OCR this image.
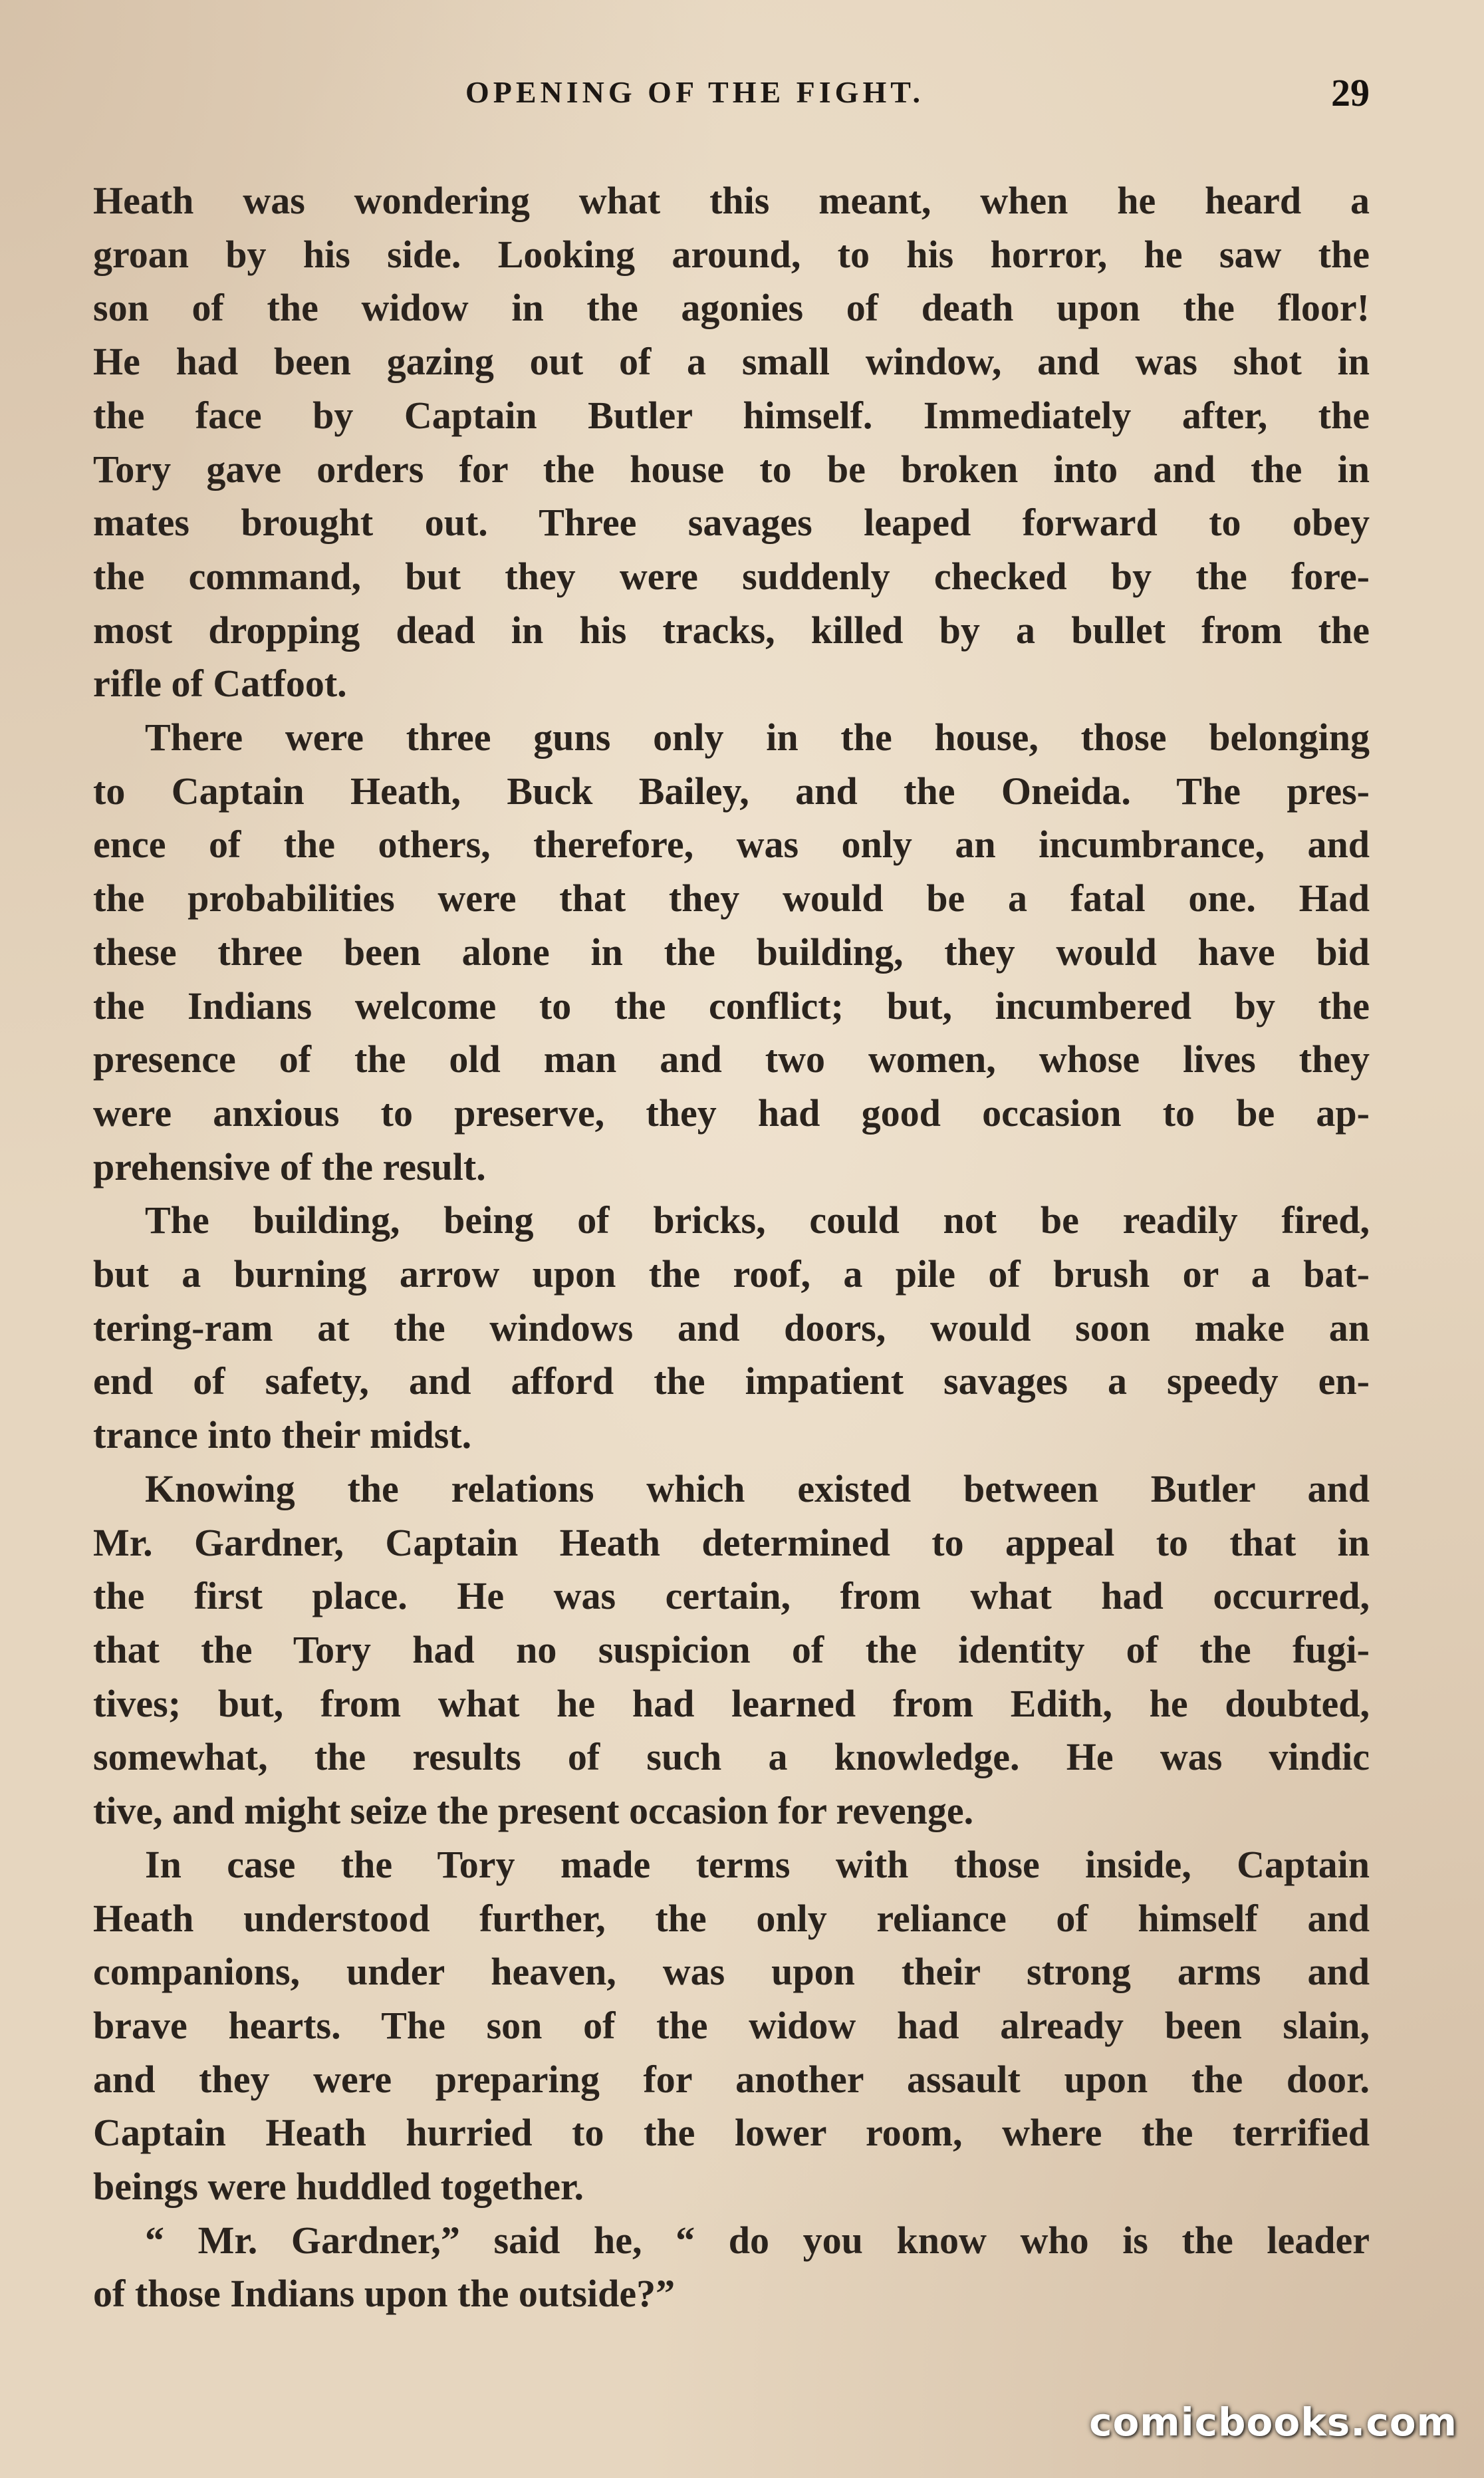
OPENING OF THE FIGHT.	29
Heath was wondering what this meant, when he heard a
groan by his side. Looking around, to his horror, he saw the
son of the widow in the agonies of death upon the floor!
He had been gazing out of a small window, and was shot in
the face by Captain Butler himself. Immediately after, the
Tory gave orders for the house to be broken into and the in
mates brought out. Three savages leaped forward to obey
the command, but they were suddenly checked by the fore-
most dropping dead in his tracks, killed by a bullet from the
rifle of Catfoot.
There were three guns only in the house, those belonging
to Captain Heath, Buck Bailey, and the Oneida. The pres-
ence of the others, therefore, was only an incumbrance, and
the probabilities were that they would be a fatal one. Had
these three been alone in the building, they would have bid
the Indians welcome to the conflict; but, incumbered by the
presence of the old man and two women, whose lives they
were anxious to preserve, they had good occasion to be ap-
prehensive of the result.
The building, being of bricks, could not be readily fired,
but a burning arrow upon the roof, a pile of brush or a bat-
tering-ram at the windows and doors, would soon make an
end of safety, and afford the impatient savages a speedy en-
trance into their midst.
Knowing the relations which existed between Butler and
Mr. Gardner, Captain Heath determined to appeal to that in
the first place. He was certain, from what had occurred,
that the Tory had no suspicion of the identity of the fugi-
tives; but, from what he had learned from Edith, he doubted,
somewhat, the results of such a knowledge. He was vindic
tive, and might seize the present occasion for revenge.
In case the Tory made terms with those inside, Captain
Heath understood further, the only reliance of himself and
companions, under heaven, was upon their strong arms and
brave hearts. The son of the widow had already been slain,
and they were preparing for another assault upon the door.
Captain Heath hurried to the lower room, where the terrified
beings were huddled together.
“ Mr. Gardner,” said he, “ do you know who is the leader
of those Indians upon the outside?”
comicbooks.com
